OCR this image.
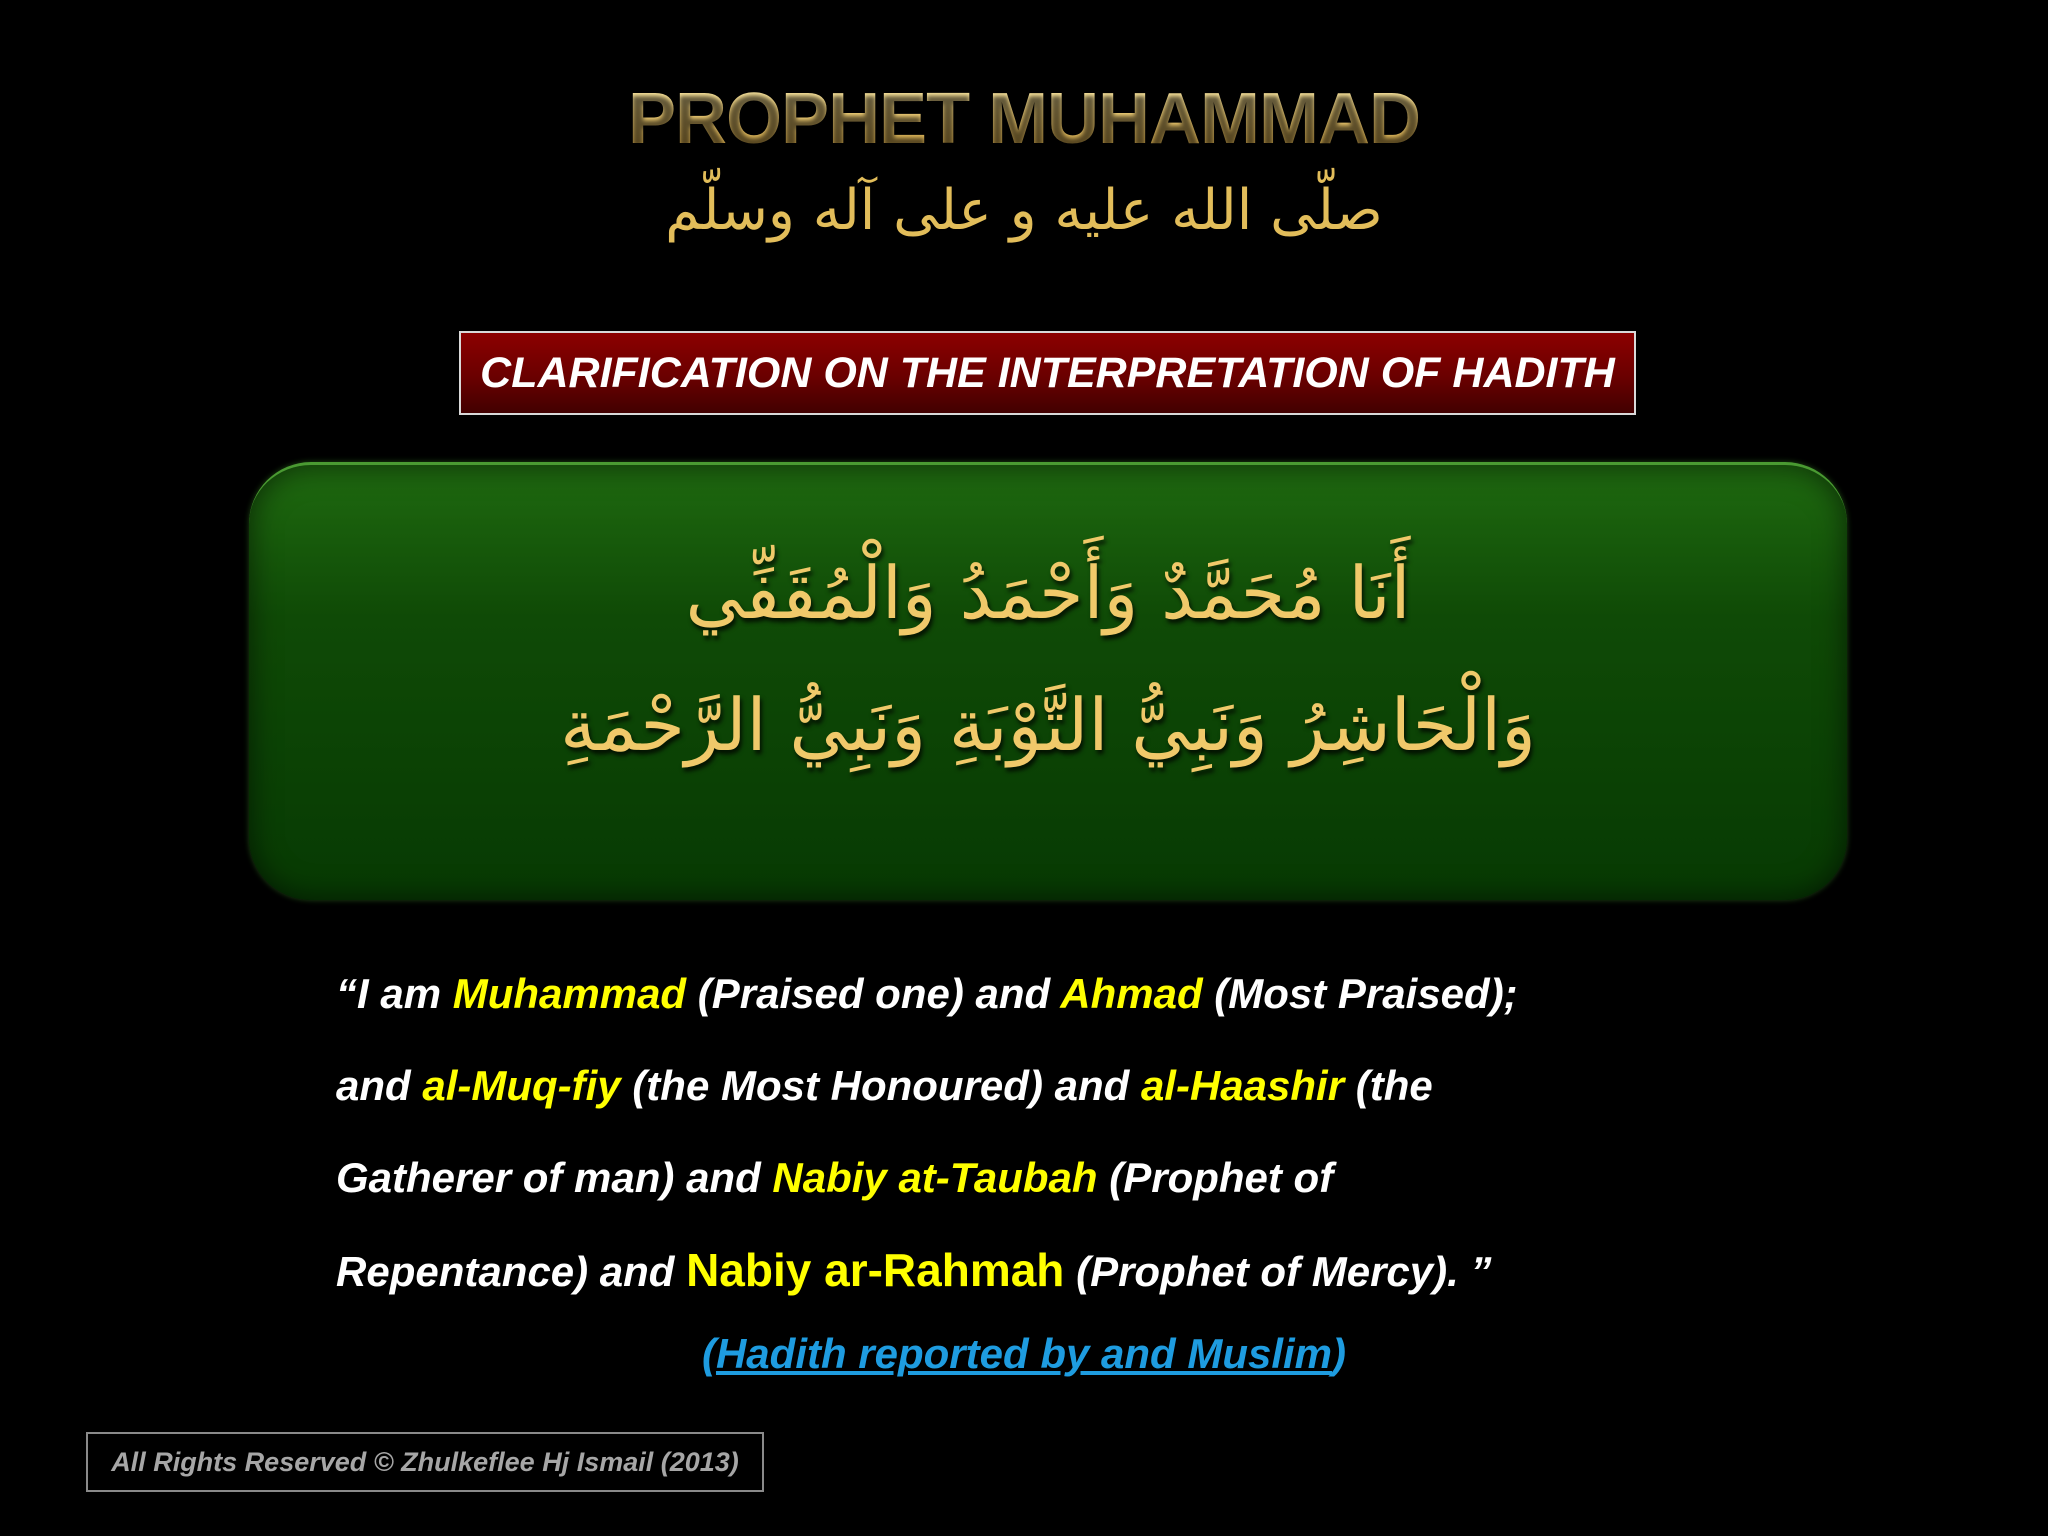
PROPHET MUHAMMAD
صلّى الله عليه و على آله وسلّم
CLARIFICATION ON THE INTERPRETATION OF HADITH
أَنَا مُحَمَّدٌ وَأَحْمَدُ وَالْمُقَفِّي
وَالْحَاشِرُ وَنَبِيُّ التَّوْبَةِ وَنَبِيُّ الرَّحْمَةِ
“I am Muhammad (Praised one) and Ahmad (Most Praised);
and al-Muq-fiy (the Most Honoured) and al-Haashir (the
Gatherer of man) and Nabiy at-Taubah (Prophet of
Repentance) and Nabiy ar-Rahmah (Prophet of Mercy). ”
(Hadith reported by and Muslim)
All Rights Reserved © Zhulkeflee Hj Ismail (2013)
